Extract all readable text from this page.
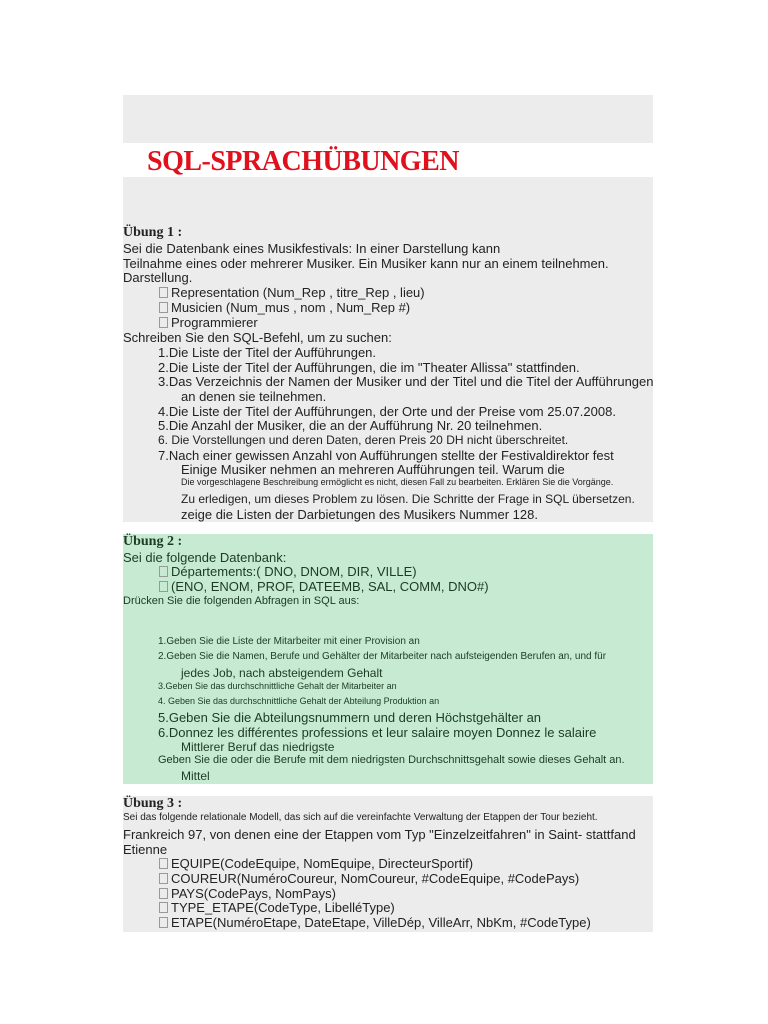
SQL-SPRACHÜBUNGEN
Übung 1 :
Sei die Datenbank eines Musikfestivals: In einer Darstellung kann
Teilnahme eines oder mehrerer Musiker. Ein Musiker kann nur an einem teilnehmen.
Darstellung.
Representation (Num_Rep , titre_Rep , lieu)
Musicien (Num_mus , nom , Num_Rep #)
Programmierer
Schreiben Sie den SQL-Befehl, um zu suchen:
1.Die Liste der Titel der Aufführungen.
2.Die Liste der Titel der Aufführungen, die im "Theater Allissa" stattfinden.
3.Das Verzeichnis der Namen der Musiker und der Titel und die Titel der Aufführungen
an denen sie teilnehmen.
4.Die Liste der Titel der Aufführungen, der Orte und der Preise vom 25.07.2008.
5.Die Anzahl der Musiker, die an der Aufführung Nr. 20 teilnehmen.
6. Die Vorstellungen und deren Daten, deren Preis 20 DH nicht überschreitet.
7.Nach einer gewissen Anzahl von Aufführungen stellte der Festivaldirektor fest
Einige Musiker nehmen an mehreren Aufführungen teil. Warum die
Die vorgeschlagene Beschreibung ermöglicht es nicht, diesen Fall zu bearbeiten. Erklären Sie die Vorgänge.
Zu erledigen, um dieses Problem zu lösen. Die Schritte der Frage in SQL übersetzen.
zeige die Listen der Darbietungen des Musikers Nummer 128.
Übung 2 :
Sei die folgende Datenbank:
Départements:( DNO, DNOM, DIR, VILLE)
(ENO, ENOM, PROF, DATEEMB, SAL, COMM, DNO#)
Drücken Sie die folgenden Abfragen in SQL aus:
1.Geben Sie die Liste der Mitarbeiter mit einer Provision an
2.Geben Sie die Namen, Berufe und Gehälter der Mitarbeiter nach aufsteigenden Berufen an, und für
jedes Job, nach absteigendem Gehalt
3.Geben Sie das durchschnittliche Gehalt der Mitarbeiter an
4. Geben Sie das durchschnittliche Gehalt der Abteilung Produktion an
5.Geben Sie die Abteilungsnummern und deren Höchstgehälter an
6.Donnez les différentes professions et leur salaire moyen Donnez le salaire
Mittlerer Beruf das niedrigste
Geben Sie die oder die Berufe mit dem niedrigsten Durchschnittsgehalt sowie dieses Gehalt an.
Mittel
Übung 3 :
Sei das folgende relationale Modell, das sich auf die vereinfachte Verwaltung der Etappen der Tour bezieht.
Frankreich 97, von denen eine der Etappen vom Typ "Einzelzeitfahren" in Saint- stattfand
Etienne
EQUIPE(CodeEquipe, NomEquipe, DirecteurSportif)
COUREUR(NuméroCoureur, NomCoureur, #CodeEquipe, #CodePays)
PAYS(CodePays, NomPays)
TYPE_ETAPE(CodeType, LibelléType)
ETAPE(NuméroEtape, DateEtape, VilleDép, VilleArr, NbKm, #CodeType)
